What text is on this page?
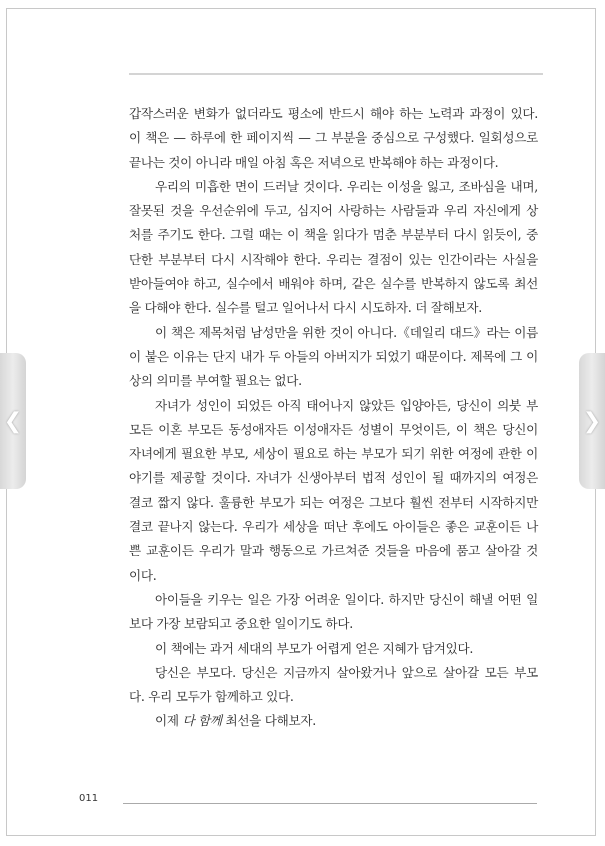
갑작스러운 변화가 없더라도 평소에 반드시 해야 하는 노력과 과정이 있다.
이 책은 — 하루에 한 페이지씩 — 그 부분을 중심으로 구성했다. 일회성으로
끝나는 것이 아니라 매일 아침 혹은 저녁으로 반복해야 하는 과정이다.
우리의 미흡한 면이 드러날 것이다. 우리는 이성을 잃고, 조바심을 내며,
잘못된 것을 우선순위에 두고, 심지어 사랑하는 사람들과 우리 자신에게 상
처를 주기도 한다. 그럴 때는 이 책을 읽다가 멈춘 부분부터 다시 읽듯이, 중
단한 부분부터 다시 시작해야 한다. 우리는 결점이 있는 인간이라는 사실을
받아들여야 하고, 실수에서 배워야 하며, 같은 실수를 반복하지 않도록 최선
을 다해야 한다. 실수를 털고 일어나서 다시 시도하자. 더 잘해보자.
이 책은 제목처럼 남성만을 위한 것이 아니다.《데일리 대드》라는 이름
이 붙은 이유는 단지 내가 두 아들의 아버지가 되었기 때문이다. 제목에 그 이
상의 의미를 부여할 필요는 없다.
자녀가 성인이 되었든 아직 태어나지 않았든 입양아든, 당신이 의붓 부
모든 이혼 부모든 동성애자든 이성애자든 성별이 무엇이든, 이 책은 당신이
자녀에게 필요한 부모, 세상이 필요로 하는 부모가 되기 위한 여정에 관한 이
야기를 제공할 것이다. 자녀가 신생아부터 법적 성인이 될 때까지의 여정은
결코 짧지 않다. 훌륭한 부모가 되는 여정은 그보다 훨씬 전부터 시작하지만
결코 끝나지 않는다. 우리가 세상을 떠난 후에도 아이들은 좋은 교훈이든 나
쁜 교훈이든 우리가 말과 행동으로 가르쳐준 것들을 마음에 품고 살아갈 것
이다.
아이들을 키우는 일은 가장 어려운 일이다. 하지만 당신이 해낼 어떤 일
보다 가장 보람되고 중요한 일이기도 하다.
이 책에는 과거 세대의 부모가 어렵게 얻은 지혜가 담겨있다.
당신은 부모다. 당신은 지금까지 살아왔거나 앞으로 살아갈 모든 부모
다. 우리 모두가 함께하고 있다.
이제 다 함께 최선을 다해보자.
011
❮	❯
